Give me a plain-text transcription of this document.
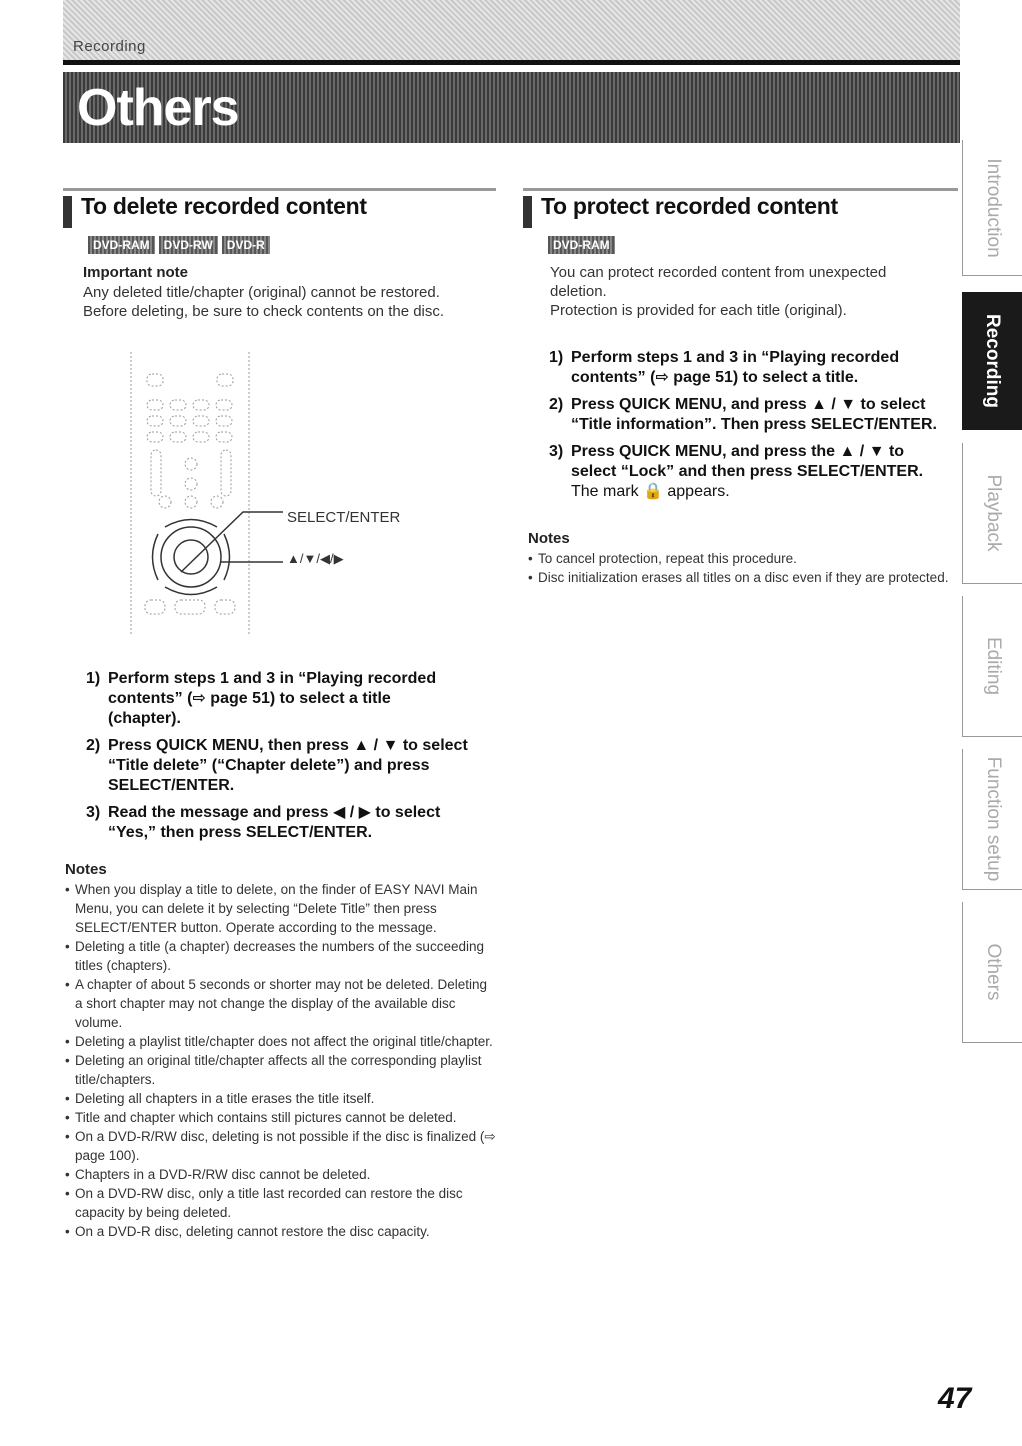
Recording
Others
To delete recorded content
DVD-RAM	DVD-RW	DVD-R

Important note

Any deleted title/chapter (original) cannot be restored.

Before deleting, be sure to check contents on the disc.

SELECT/ENTER
▲/▼/◀/▶
1) Perform steps 1 and 3 in “Playing recorded
contents” (⇨ page 51) to select a title
(chapter).
2) Press QUICK MENU, then press ▲ / ▼ to select
“Title delete” (“Chapter delete”) and press
SELECT/ENTER.
3) Read the message and press ◀ / ▶ to select
“Yes,” then press SELECT/ENTER.

Notes

• When you display a title to delete, on the finder of EASY NAVI Main Menu, you can delete it by selecting “Delete Title” then press SELECT/ENTER button. Operate according to the message.
• Deleting a title (a chapter) decreases the numbers of the succeeding titles (chapters).
• A chapter of about 5 seconds or shorter may not be deleted. Deleting a short chapter may not change the display of the available disc volume.
• Deleting a playlist title/chapter does not affect the original title/chapter.
• Deleting an original title/chapter affects all the corresponding playlist title/chapters.
• Deleting all chapters in a title erases the title itself.
• Title and chapter which contains still pictures cannot be deleted.
• On a DVD-R/RW disc, deleting is not possible if the disc is finalized (⇨ page 100).
• Chapters in a DVD-R/RW disc cannot be deleted.
• On a DVD-RW disc, only a title last recorded can restore the disc capacity by being deleted.
• On a DVD-R disc, deleting cannot restore the disc capacity.
To protect recorded content
DVD-RAM

You can protect recorded content from unexpected

deletion.

Protection is provided for each title (original).

1) Perform steps 1 and 3 in “Playing recorded
contents” (⇨ page 51) to select a title.
2) Press QUICK MENU, and press ▲ / ▼ to select
“Title information”. Then press SELECT/ENTER.
3) Press QUICK MENU, and press the ▲ / ▼ to
select “Lock” and then press SELECT/ENTER.
The mark 🔒 appears.

Notes

• To cancel protection, repeat this procedure.
• Disc initialization erases all titles on a disc even if they are protected.
Introduction
Recording
Playback
Editing
Function setup
Others
47
